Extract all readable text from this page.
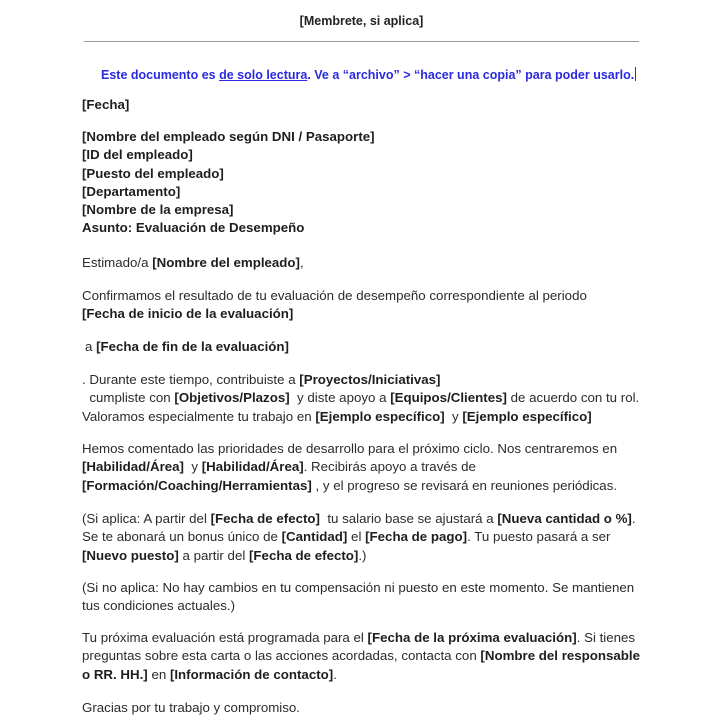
[Membrete, si aplica]
Este documento es de solo lectura. Ve a “archivo” > “hacer una copia” para poder usarlo.

[Fecha]

[Nombre del empleado según DNI / Pasaporte]

[ID del empleado]

[Puesto del empleado]

[Departamento]

[Nombre de la empresa]

Asunto: Evaluación de Desempeño

Estimado/a [Nombre del empleado],

Confirmamos el resultado de tu evaluación de desempeño correspondiente al periodo
[Fecha de inicio de la evaluación]

a [Fecha de fin de la evaluación]

. Durante este tiempo, contribuiste a [Proyectos/Iniciativas]  cumpliste con [Objetivos/Plazos]  y diste apoyo a [Equipos/Clientes] de acuerdo con tu rol. Valoramos especialmente tu trabajo en [Ejemplo específico]  y [Ejemplo específico]

Hemos comentado las prioridades de desarrollo para el próximo ciclo. Nos centraremos en [Habilidad/Área]  y [Habilidad/Área]. Recibirás apoyo a través de [Formación/Coaching/Herramientas] , y el progreso se revisará en reuniones periódicas.

(Si aplica: A partir del [Fecha de efecto]  tu salario base se ajustará a [Nueva cantidad o %]. Se te abonará un bonus único de [Cantidad] el [Fecha de pago]. Tu puesto pasará a ser [Nuevo puesto] a partir del [Fecha de efecto].)

(Si no aplica: No hay cambios en tu compensación ni puesto en este momento. Se mantienen tus condiciones actuales.)

Tu próxima evaluación está programada para el [Fecha de la próxima evaluación]. Si tienes preguntas sobre esta carta o las acciones acordadas, contacta con [Nombre del responsable o RR. HH.] en [Información de contacto].

Gracias por tu trabajo y compromiso.
